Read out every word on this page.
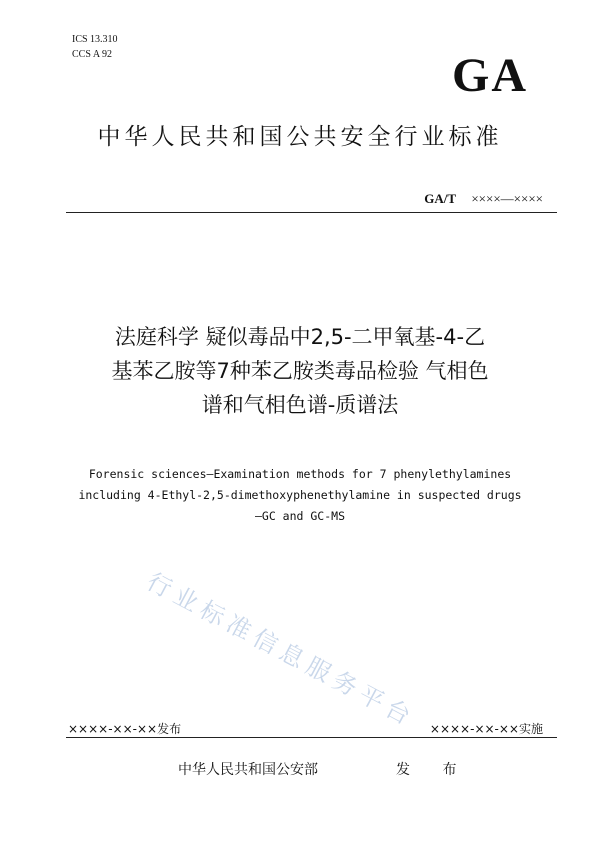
ICS 13.310
CCS A 92	GA
中华人民共和国公共安全行业标准
GA/T ××××—××××
法庭科学 疑似毒品中2,5-二甲氧基-4-乙
基苯乙胺等7种苯乙胺类毒品检验 气相色
谱和气相色谱-质谱法
Forensic sciences—Examination methods for 7 phenylethylamines
including 4-Ethyl-2,5-dimethoxyphenethylamine in suspected drugs
—GC and GC-MS
行业标准信息服务平台
××××-××-××发布	××××-××-××实施
中华人民共和国公安部	发 布
